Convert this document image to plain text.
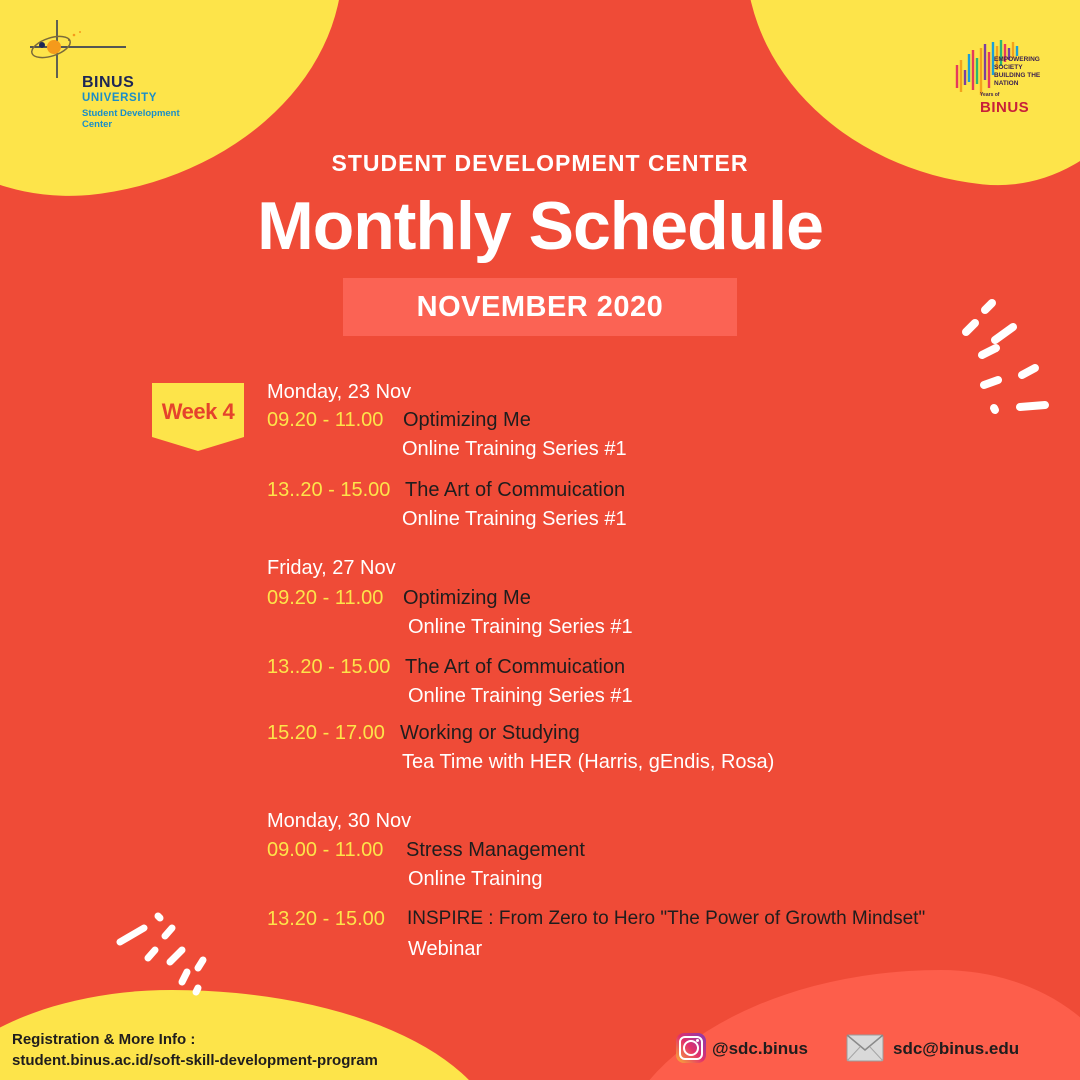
BINUS
UNIVERSITY
Student Development Center
EMPOWERING SOCIETY BUILDING THE NATION
Years of
BINUS
STUDENT DEVELOPMENT CENTER
Monthly Schedule
NOVEMBER 2020
Week 4
Monday, 23 Nov
09.20 - 11.00 Optimizing Me
Online Training Series #1
13..20 - 15.00 The Art of Commuication
Online Training Series #1
Friday, 27 Nov
09.20 - 11.00 Optimizing Me
Online Training Series #1
13..20 - 15.00 The Art of Commuication
Online Training Series #1
15.20 - 17.00 Working or Studying
Tea Time with HER (Harris, gEndis, Rosa)
Monday, 30 Nov
09.00 - 11.00 Stress Management
Online Training
13.20 - 15.00 INSPIRE : From Zero to Hero "The Power of Growth Mindset"
Webinar
Registration & More Info :
student.binus.ac.id/soft-skill-development-program
@sdc.binus	sdc@binus.edu
